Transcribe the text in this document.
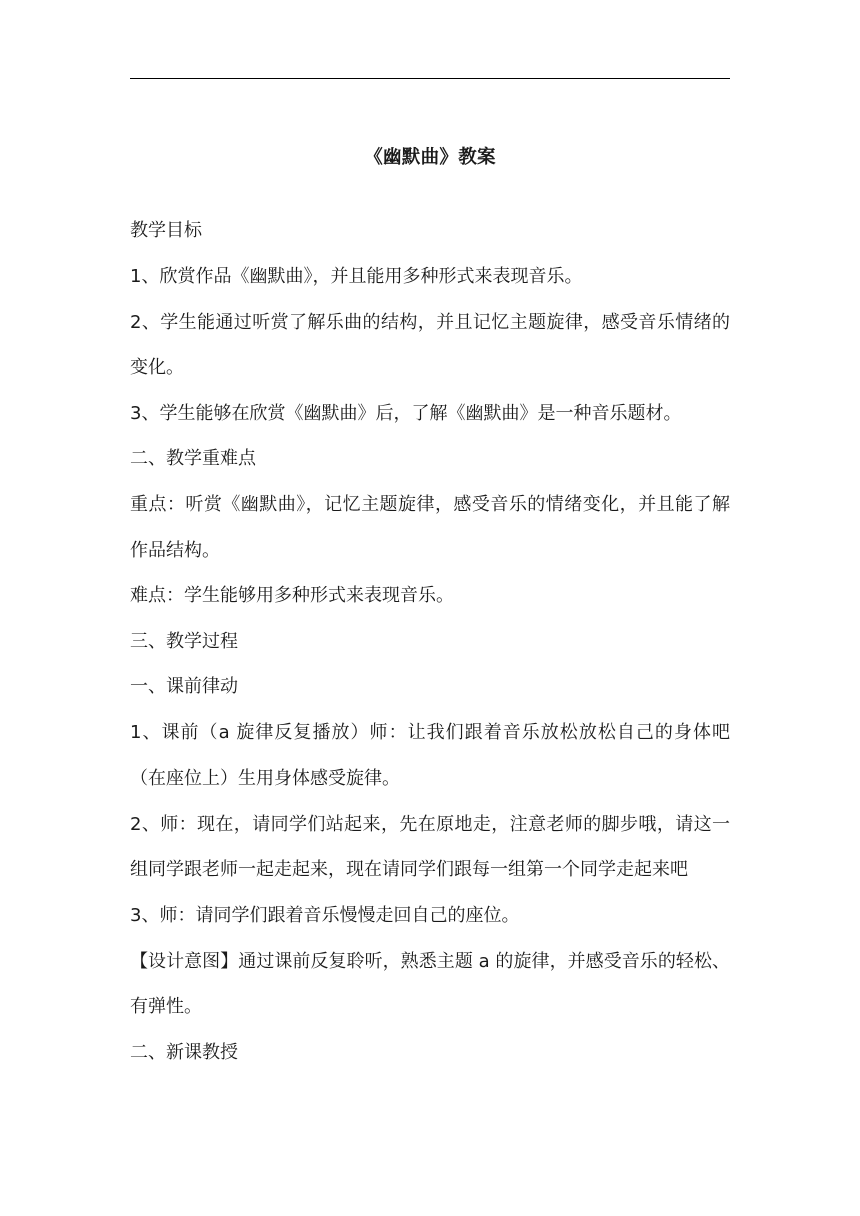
《幽默曲》教案

教学目标

1、欣赏作品《幽默曲》，并且能用多种形式来表现音乐。

2、学生能通过听赏了解乐曲的结构，并且记忆主题旋律，感受音乐情绪的变化。

3、学生能够在欣赏《幽默曲》后，了解《幽默曲》是一种音乐题材。

二、教学重难点

重点：听赏《幽默曲》，记忆主题旋律，感受音乐的情绪变化，并且能了解作品结构。

难点：学生能够用多种形式来表现音乐。

三、教学过程

一、课前律动

1、课前（a 旋律反复播放）师：让我们跟着音乐放松放松自己的身体吧（在座位上）生用身体感受旋律。

2、师：现在，请同学们站起来，先在原地走，注意老师的脚步哦，请这一组同学跟老师一起走起来，现在请同学们跟每一组第一个同学走起来吧

3、师：请同学们跟着音乐慢慢走回自己的座位。

【设计意图】通过课前反复聆听，熟悉主题 a 的旋律，并感受音乐的轻松、有弹性。

二、新课教授
